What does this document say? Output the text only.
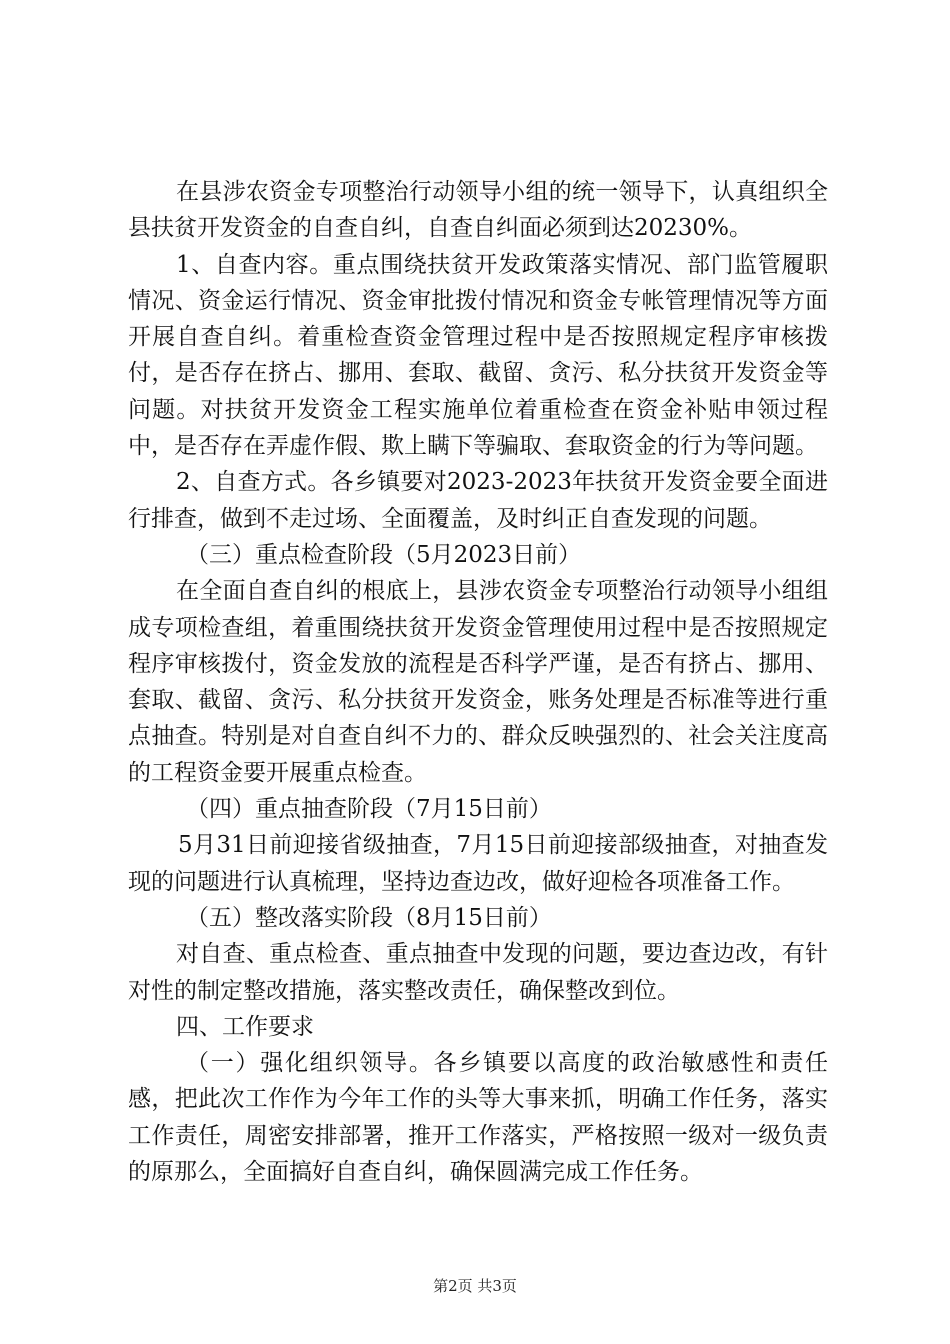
在县涉农资金专项整治行动领导小组的统一领导下，认真组织全县扶贫开发资金的自查自纠，自查自纠面必须到达20230%。

1、自查内容。重点围绕扶贫开发政策落实情况、部门监管履职情况、资金运行情况、资金审批拨付情况和资金专帐管理情况等方面开展自查自纠。着重检查资金管理过程中是否按照规定程序审核拨付，是否存在挤占、挪用、套取、截留、贪污、私分扶贫开发资金等问题。对扶贫开发资金工程实施单位着重检查在资金补贴申领过程中，是否存在弄虚作假、欺上瞒下等骗取、套取资金的行为等问题。

2、自查方式。各乡镇要对2023-2023年扶贫开发资金要全面进行排查，做到不走过场、全面覆盖，及时纠正自查发现的问题。

（三）重点检查阶段（5月2023日前）

在全面自查自纠的根底上，县涉农资金专项整治行动领导小组组成专项检查组，着重围绕扶贫开发资金管理使用过程中是否按照规定程序审核拨付，资金发放的流程是否科学严谨，是否有挤占、挪用、套取、截留、贪污、私分扶贫开发资金，账务处理是否标准等进行重点抽查。特别是对自查自纠不力的、群众反映强烈的、社会关注度高的工程资金要开展重点检查。

（四）重点抽查阶段（7月15日前）

5月31日前迎接省级抽查，7月15日前迎接部级抽查，对抽查发现的问题进行认真梳理，坚持边查边改，做好迎检各项准备工作。

（五）整改落实阶段（8月15日前）

对自查、重点检查、重点抽查中发现的问题，要边查边改，有针对性的制定整改措施，落实整改责任，确保整改到位。

四、工作要求

（一）强化组织领导。各乡镇要以高度的政治敏感性和责任感，把此次工作作为今年工作的头等大事来抓，明确工作任务，落实工作责任，周密安排部署，推开工作落实，严格按照一级对一级负责的原那么，全面搞好自查自纠，确保圆满完成工作任务。

第2页 共3页
